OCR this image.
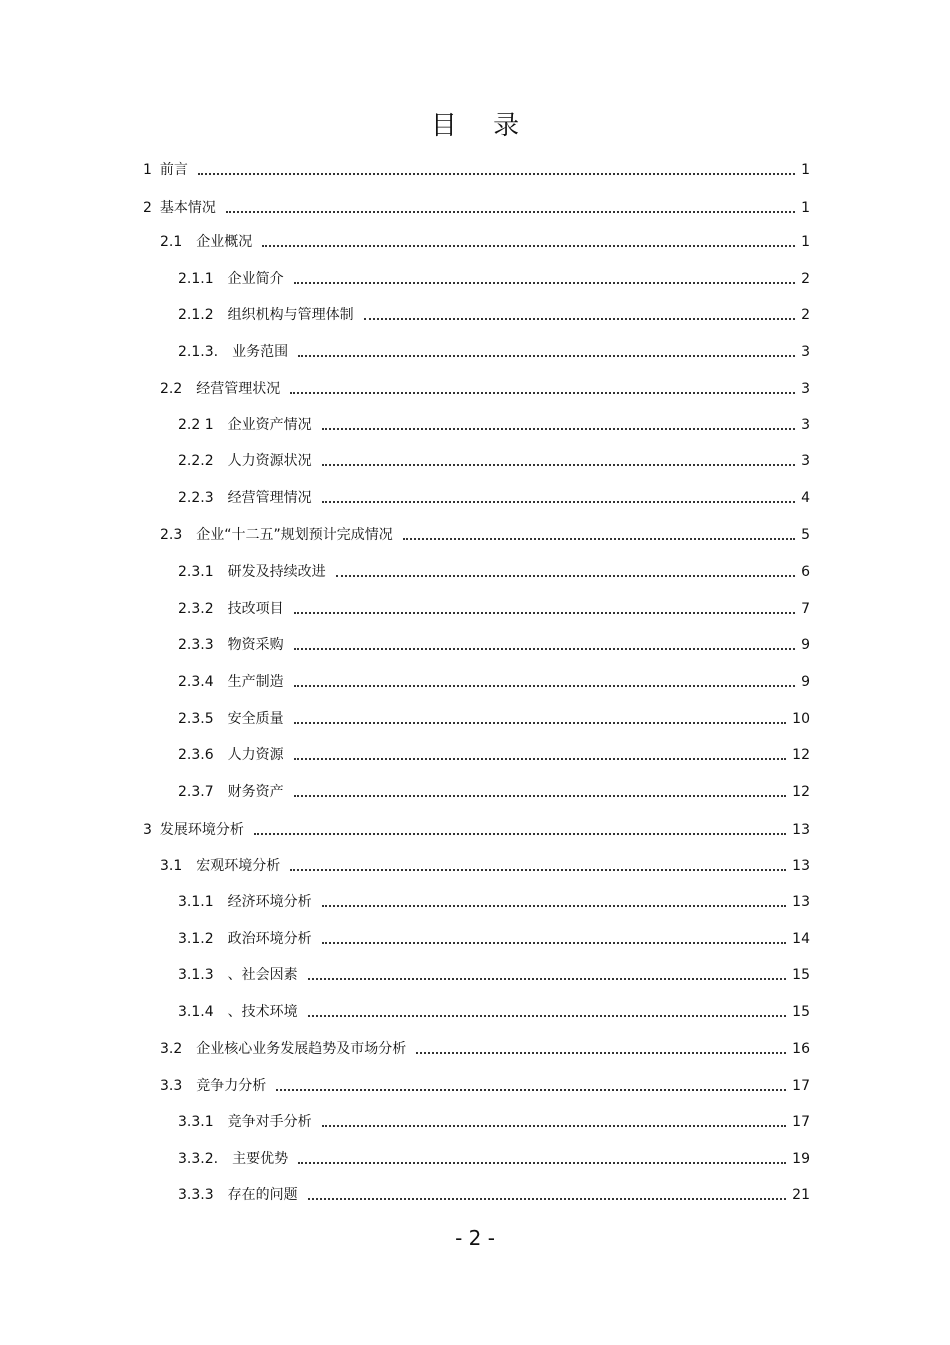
目 录
1 前言	1
2 基本情况	1
2.1 企业概况	1
2.1.1 企业简介	2
2.1.2 组织机构与管理体制	2
2.1.3. 业务范围	3
2.2 经营管理状况	3
2.2 1 企业资产情况	3
2.2.2 人力资源状况	3
2.2.3 经营管理情况	4
2.3 企业“十二五”规划预计完成情况	5
2.3.1 研发及持续改进	6
2.3.2 技改项目	7
2.3.3 物资采购	9
2.3.4 生产制造	9
2.3.5 安全质量	10
2.3.6 人力资源	12
2.3.7 财务资产	12
3 发展环境分析	13
3.1 宏观环境分析	13
3.1.1 经济环境分析	13
3.1.2 政治环境分析	14
3.1.3 、社会因素	15
3.1.4 、技术环境	15
3.2 企业核心业务发展趋势及市场分析	16
3.3 竞争力分析	17
3.3.1 竞争对手分析	17
3.3.2. 主要优势	19
3.3.3 存在的问题	21
- 2 -
